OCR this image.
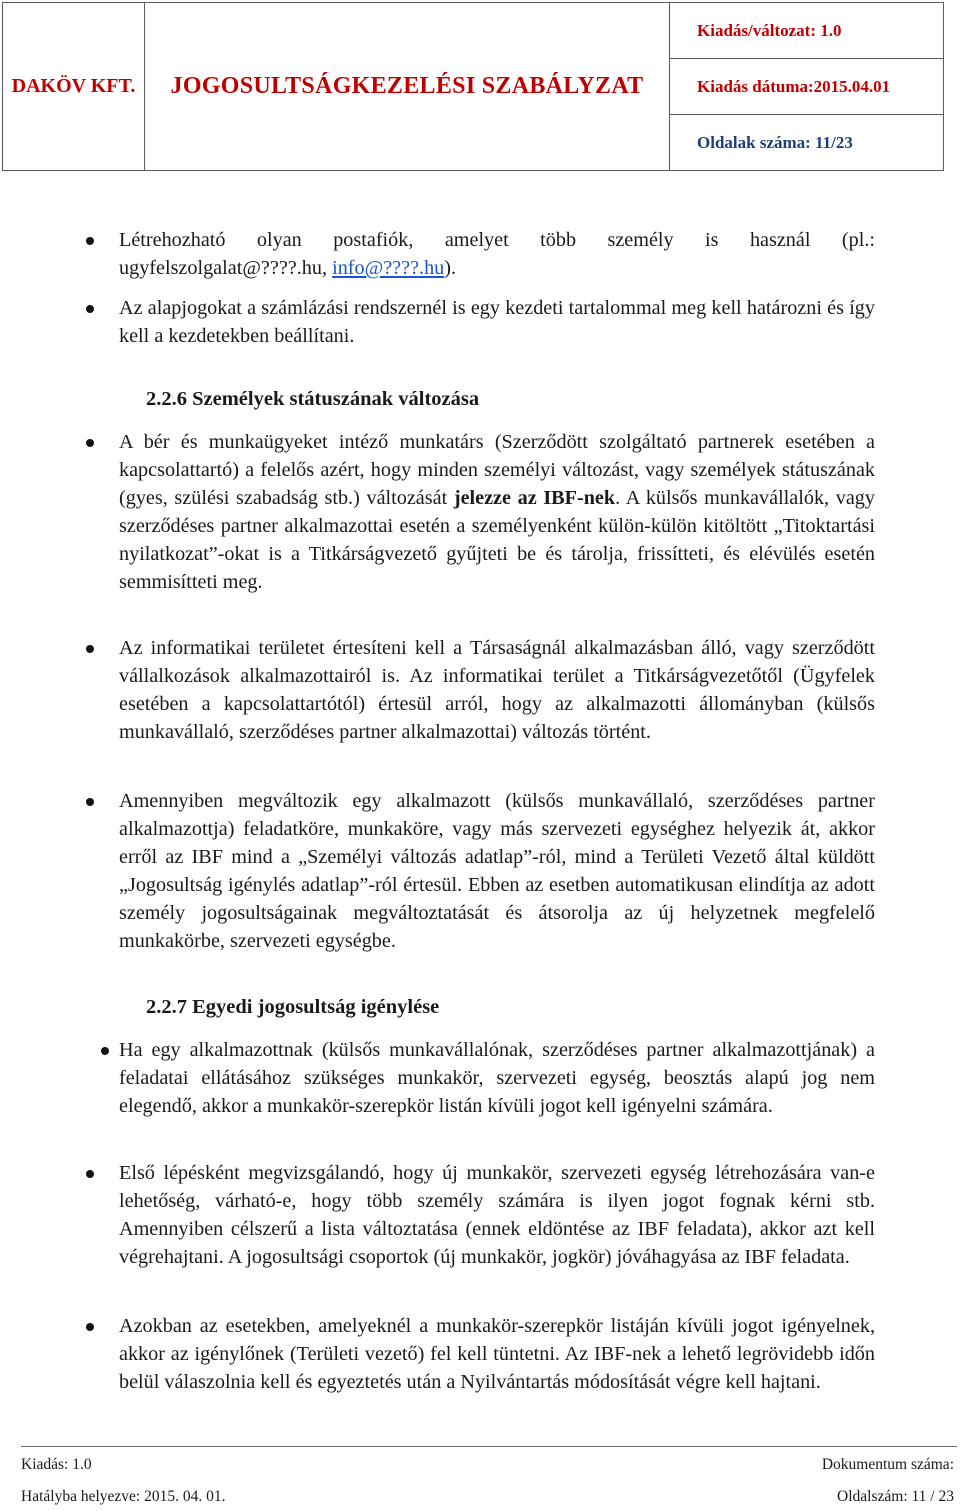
DAKÖV KFT.	JOGOSULTSÁGKEZELÉSI SZABÁLYZAT	Kiadás/változat: 1.0
Kiadás dátuma:2015.04.01
Oldalak száma: 11/23
Létrehozható olyan postafiók, amelyet több személy is használ (pl.: ugyfelszolgalat@????.hu, info@????.hu).
Az alapjogokat a számlázási rendszernél is egy kezdeti tartalommal meg kell határozni és így kell a kezdetekben beállítani.
2.2.6 Személyek státuszának változása
A bér és munkaügyeket intéző munkatárs (Szerződött szolgáltató partnerek esetében a kapcsolattartó) a felelős azért, hogy minden személyi változást, vagy személyek státuszának (gyes, szülési szabadság stb.) változását jelezze az IBF-nek. A külsős munkavállalók, vagy szerződéses partner alkalmazottai esetén a személyenként külön-külön kitöltött „Titoktartási nyilatkozat”-okat is a Titkárságvezető gyűjteti be és tárolja, frissítteti, és elévülés esetén semmisítteti meg.
Az informatikai területet értesíteni kell a Társaságnál alkalmazásban álló, vagy szerződött vállalkozások alkalmazottairól is. Az informatikai terület a Titkárságvezetőtől (Ügyfelek esetében a kapcsolattartótól) értesül arról, hogy az alkalmazotti állományban (külsős munkavállaló, szerződéses partner alkalmazottai) változás történt.
Amennyiben megváltozik egy alkalmazott (külsős munkavállaló, szerződéses partner alkalmazottja) feladatköre, munkaköre, vagy más szervezeti egységhez helyezik át, akkor erről az IBF mind a „Személyi változás adatlap”-ról, mind a Területi Vezető által küldött „Jogosultság igénylés adatlap”-ról értesül. Ebben az esetben automatikusan elindítja az adott személy jogosultságainak megváltoztatását és átsorolja az új helyzetnek megfelelő munkakörbe, szervezeti egységbe.
2.2.7 Egyedi jogosultság igénylése
Ha egy alkalmazottnak (külsős munkavállalónak, szerződéses partner alkalmazottjának) a feladatai ellátásához szükséges munkakör, szervezeti egység, beosztás alapú jog nem elegendő, akkor a munkakör-szerepkör listán kívüli jogot kell igényelni számára.
Első lépésként megvizsgálandó, hogy új munkakör, szervezeti egység létrehozására van-e lehetőség, várható-e, hogy több személy számára is ilyen jogot fognak kérni stb. Amennyiben célszerű a lista változtatása (ennek eldöntése az IBF feladata), akkor azt kell végrehajtani. A jogosultsági csoportok (új munkakör, jogkör) jóváhagyása az IBF feladata.
Azokban az esetekben, amelyeknél a munkakör-szerepkör listáján kívüli jogot igényelnek, akkor az igénylőnek (Területi vezető) fel kell tüntetni. Az IBF-nek a lehető legrövidebb időn belül válaszolnia kell és egyeztetés után a Nyilvántartás módosítását végre kell hajtani.
Kiadás: 1.0	Dokumentum száma:
Hatályba helyezve: 2015. 04. 01.	Oldalszám: 11 / 23
